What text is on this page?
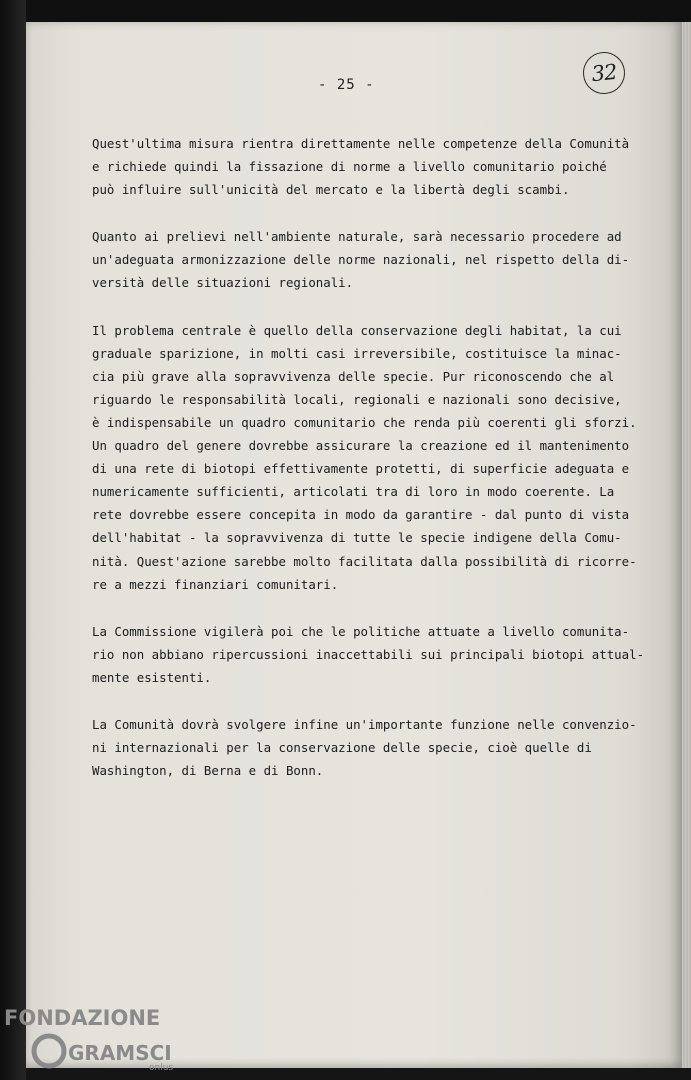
- 25 -	32
Quest'ultima misura rientra direttamente nelle competenze della Comunità
e richiede quindi la fissazione di norme a livello comunitario poiché
può influire sull'unicità del mercato e la libertà degli scambi.
Quanto ai prelievi nell'ambiente naturale, sarà necessario procedere ad
un'adeguata armonizzazione delle norme nazionali, nel rispetto della di-
versità delle situazioni regionali.
Il problema centrale è quello della conservazione degli habitat, la cui
graduale sparizione, in molti casi irreversibile, costituisce la minac-
cia più grave alla sopravvivenza delle specie. Pur riconoscendo che al
riguardo le responsabilità locali, regionali e nazionali sono decisive,
è indispensabile un quadro comunitario che renda più coerenti gli sforzi.
Un quadro del genere dovrebbe assicurare la creazione ed il mantenimento
di una rete di biotopi effettivamente protetti, di superficie adeguata e
numericamente sufficienti, articolati tra di loro in modo coerente. La
rete dovrebbe essere concepita in modo da garantire - dal punto di vista
dell'habitat - la sopravvivenza di tutte le specie indigene della Comu-
nità. Quest'azione sarebbe molto facilitata dalla possibilità di ricorre-
re a mezzi finanziari comunitari.
La Commissione vigilerà poi che le politiche attuate a livello comunita-
rio non abbiano ripercussioni inaccettabili sui principali biotopi attual-
mente esistenti.
La Comunità dovrà svolgere infine un'importante funzione nelle convenzio-
ni internazionali per la conservazione delle specie, cioè quelle di
Washington, di Berna e di Bonn.
FONDAZIONE
GRAMSCI
onlus
